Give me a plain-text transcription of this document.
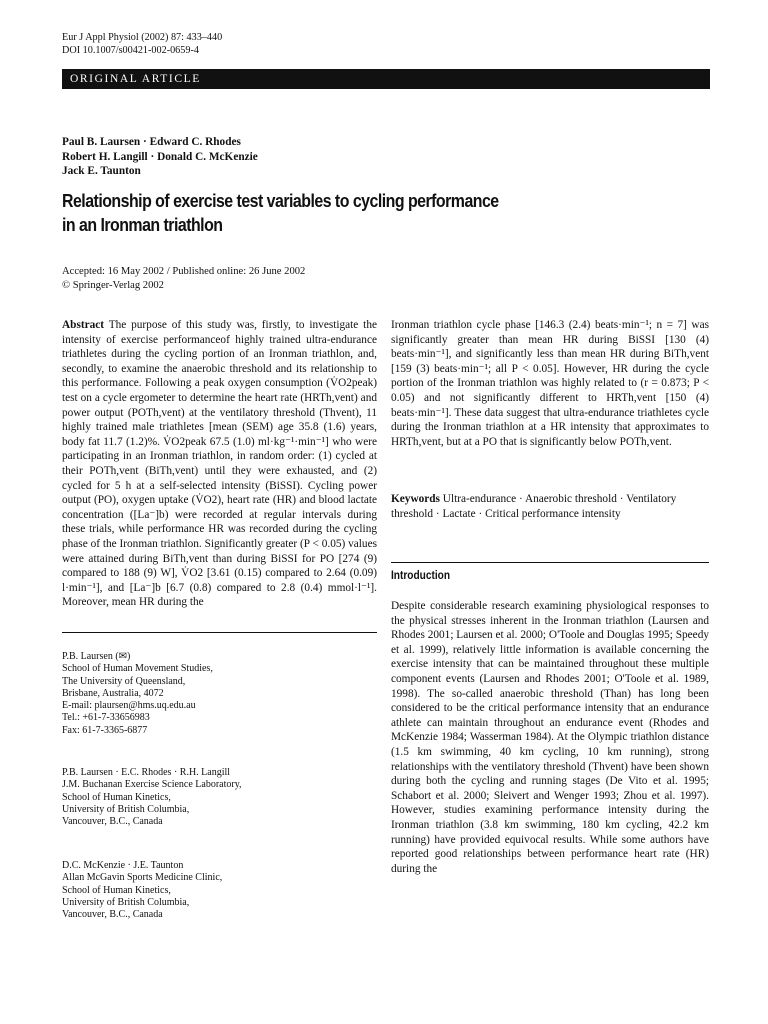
Eur J Appl Physiol (2002) 87: 433–440
DOI 10.1007/s00421-002-0659-4
ORIGINAL ARTICLE
Paul B. Laursen · Edward C. Rhodes
Robert H. Langill · Donald C. McKenzie
Jack E. Taunton
Relationship of exercise test variables to cycling performance
in an Ironman triathlon
Accepted: 16 May 2002 / Published online: 26 June 2002
© Springer-Verlag 2002

Abstract The purpose of this study was, firstly, to investigate the intensity of exercise performanceof highly trained ultra-endurance triathletes during the cycling portion of an Ironman triathlon, and, secondly, to examine the anaerobic threshold and its relationship to this performance. Following a peak oxygen consumption (V̇O2peak) test on a cycle ergometer to determine the heart rate (HRTh,vent) and power output (POTh,vent) at the ventilatory threshold (Thvent), 11 highly trained male triathletes [mean (SEM) age 35.8 (1.6) years, body fat 11.7 (1.2)%. V̇O2peak 67.5 (1.0) ml·kg⁻¹·min⁻¹] who were participating in an Ironman triathlon, in random order: (1) cycled at their POTh,vent (BiTh,vent) until they were exhausted, and (2) cycled for 5 h at a self-selected intensity (BiSSI). Cycling power output (PO), oxygen uptake (V̇O2), heart rate (HR) and blood lactate concentration ([La⁻]b) were recorded at regular intervals during these trials, while performance HR was recorded during the cycling phase of the Ironman triathlon. Significantly greater (P < 0.05) values were attained during BiTh,vent than during BiSSI for PO [274 (9) compared to 188 (9) W], V̇O2 [3.61 (0.15) compared to 2.64 (0.09) l·min⁻¹], and [La⁻]b [6.7 (0.8) compared to 2.8 (0.4) mmol·l⁻¹]. Moreover, mean HR during the

Ironman triathlon cycle phase [146.3 (2.4) beats·min⁻¹; n = 7] was significantly greater than mean HR during BiSSI [130 (4) beats·min⁻¹], and significantly less than mean HR during BiTh,vent [159 (3) beats·min⁻¹; all P < 0.05]. However, HR during the cycle portion of the Ironman triathlon was highly related to (r = 0.873; P < 0.05) and not significantly different to HRTh,vent [150 (4) beats·min⁻¹]. These data suggest that ultra-endurance triathletes cycle during the Ironman triathlon at a HR intensity that approximates to HRTh,vent, but at a PO that is significantly below POTh,vent.

Keywords Ultra-endurance · Anaerobic threshold · Ventilatory threshold · Lactate · Critical performance intensity
Introduction
Despite considerable research examining physiological responses to the physical stresses inherent in the Ironman triathlon (Laursen and Rhodes 2001; Laursen et al. 2000; O'Toole and Douglas 1995; Speedy et al. 1999), relatively little information is available concerning the exercise intensity that can be maintained throughout these multiple component events (Laursen and Rhodes 2001; O'Toole et al. 1989, 1998). The so-called anaerobic threshold (Than) has long been considered to be the critical performance intensity that an endurance athlete can maintain throughout an endurance event (Rhodes and McKenzie 1984; Wasserman 1984). At the Olympic triathlon distance (1.5 km swimming, 40 km cycling, 10 km running), strong relationships with the ventilatory threshold (Thvent) have been shown during both the cycling and running stages (De Vito et al. 1995; Schabort et al. 2000; Sleivert and Wenger 1993; Zhou et al. 1997). However, studies examining performance intensity during the Ironman triathlon (3.8 km swimming, 180 km cycling, 42.2 km running) have provided equivocal results. While some authors have reported good relationships between performance heart rate (HR) during the
P.B. Laursen (✉)
School of Human Movement Studies,
The University of Queensland,
Brisbane, Australia, 4072
E-mail: plaursen@hms.uq.edu.au
Tel.: +61-7-33656983
Fax: 61-7-3365-6877
P.B. Laursen · E.C. Rhodes · R.H. Langill
J.M. Buchanan Exercise Science Laboratory,
School of Human Kinetics,
University of British Columbia,
Vancouver, B.C., Canada
D.C. McKenzie · J.E. Taunton
Allan McGavin Sports Medicine Clinic,
School of Human Kinetics,
University of British Columbia,
Vancouver, B.C., Canada
